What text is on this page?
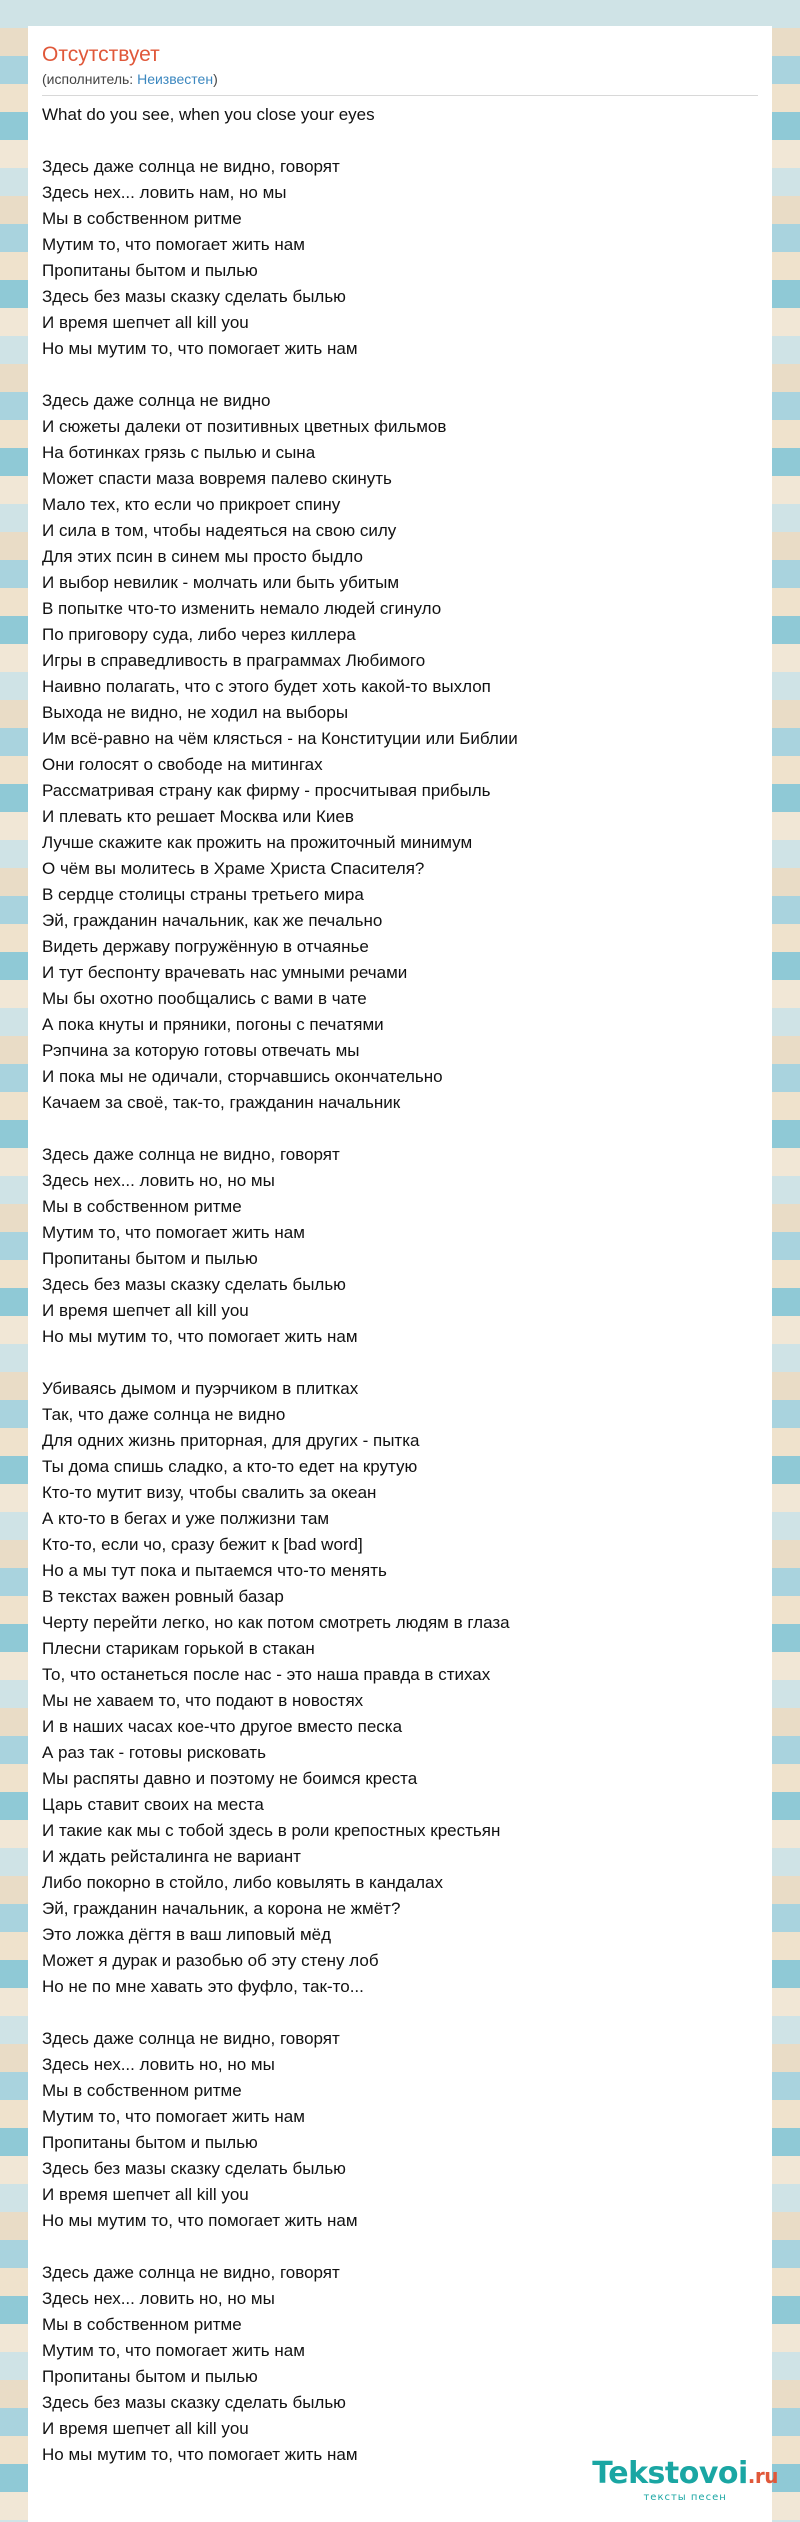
Отсутствует
(исполнитель: Неизвестен)
What do you see, when you close your eyes
Здесь даже солнца не видно, говорят
Здесь нех... ловить нам, но мы
Мы в собственном ритме
Мутим то, что помогает жить нам
Пропитаны бытом и пылью
Здесь без мазы сказку сделать былью
И время шепчет all kill you
Но мы мутим то, что помогает жить нам
Здесь даже солнца не видно
И сюжеты далеки от позитивных цветных фильмов
На ботинках грязь с пылью и сына
Может спасти маза вовремя палево скинуть
Мало тех, кто если чо прикроет спину
И сила в том, чтобы надеяться на свою силу
Для этих псин в синем мы просто быдло
И выбор невилик - молчать или быть убитым
В попытке что-то изменить немало людей сгинуло
По приговору суда, либо через киллера
Игры в справедливость в праграммах Любимого
Наивно полагать, что с этого будет хоть какой-то выхлоп
Выхода не видно, не ходил на выборы
Им всё-равно на чём клясться - на Конституции или Библии
Они голосят о свободе на митингах
Рассматривая страну как фирму - просчитывая прибыль
И плевать кто решает Москва или Киев
Лучше скажите как прожить на прожиточный минимум
О чём вы молитесь в Храме Христа Спасителя?
В сердце столицы страны третьего мира
Эй, гражданин начальник, как же печально
Видеть державу погружённую в отчаянье
И тут беспонту врачевать нас умными речами
Мы бы охотно пообщались с вами в чате
А пока кнуты и пряники, погоны с печатями
Рэпчина за которую готовы отвечать мы
И пока мы не одичали, сторчавшись окончательно
Качаем за своё, так-то, гражданин начальник
Здесь даже солнца не видно, говорят
Здесь нех... ловить но, но мы
Мы в собственном ритме
Мутим то, что помогает жить нам
Пропитаны бытом и пылью
Здесь без мазы сказку сделать былью
И время шепчет all kill you
Но мы мутим то, что помогает жить нам
Убиваясь дымом и пуэрчиком в плитках
Так, что даже солнца не видно
Для одних жизнь приторная, для других - пытка
Ты дома спишь сладко, а кто-то едет на крутую
Кто-то мутит визу, чтобы свалить за океан
А кто-то в бегах и уже полжизни там
Кто-то, если чо, сразу бежит к [bad word]
Но а мы тут пока и пытаемся что-то менять
В текстах важен ровный базар
Черту перейти легко, но как потом смотреть людям в глаза
Плесни старикам горькой в стакан
То, что останеться после нас - это наша правда в стихах
Мы не хаваем то, что подают в новостях
И в наших часах кое-что другое вместо песка
А раз так - готовы рисковать
Мы распяты давно и поэтому не боимся креста
Царь ставит своих на места
И такие как мы с тобой здесь в роли крепостных крестьян
И ждать рейсталинга не вариант
Либо покорно в стойло, либо ковылять в кандалах
Эй, гражданин начальник, а корона не жмёт?
Это ложка дёгтя в ваш липовый мёд
Может я дурак и разобью об эту стену лоб
Но не по мне хавать это фуфло, так-то...
Здесь даже солнца не видно, говорят
Здесь нех... ловить но, но мы
Мы в собственном ритме
Мутим то, что помогает жить нам
Пропитаны бытом и пылью
Здесь без мазы сказку сделать былью
И время шепчет all kill you
Но мы мутим то, что помогает жить нам
Здесь даже солнца не видно, говорят
Здесь нех... ловить но, но мы
Мы в собственном ритме
Мутим то, что помогает жить нам
Пропитаны бытом и пылью
Здесь без мазы сказку сделать былью
И время шепчет all kill you
Но мы мутим то, что помогает жить нам
Tekstovoi.ru
тексты песен
